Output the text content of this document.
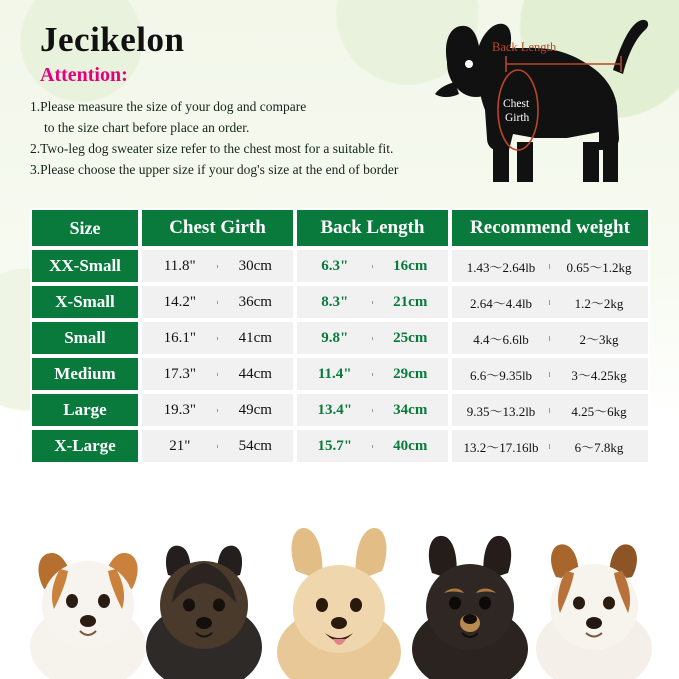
Jecikelon
Attention:
1.Please measure the size of your dog and compare
to the size chart before place an order.
2.Two-leg dog sweater size refer to the chest most for a suitable fit.
3.Please choose the upper size if your dog's size at the end of border
Back Length
Chest
Girth
Size	Chest Girth	Back Length	Recommend weight

XX-Small	11.8" 30cm	6.3" 16cm	1.43～2.64lb 0.65～1.2kg

X-Small	14.2" 36cm	8.3" 21cm	2.64～4.4lb 1.2～2kg

Small	16.1" 41cm	9.8" 25cm	4.4～6.6lb 2～3kg

Medium	17.3" 44cm	11.4" 29cm	6.6～9.35lb 3～4.25kg

Large	19.3" 49cm	13.4" 34cm	9.35～13.2lb 4.25～6kg

X-Large	21" 54cm	15.7" 40cm	13.2～17.16lb 6～7.8kg
